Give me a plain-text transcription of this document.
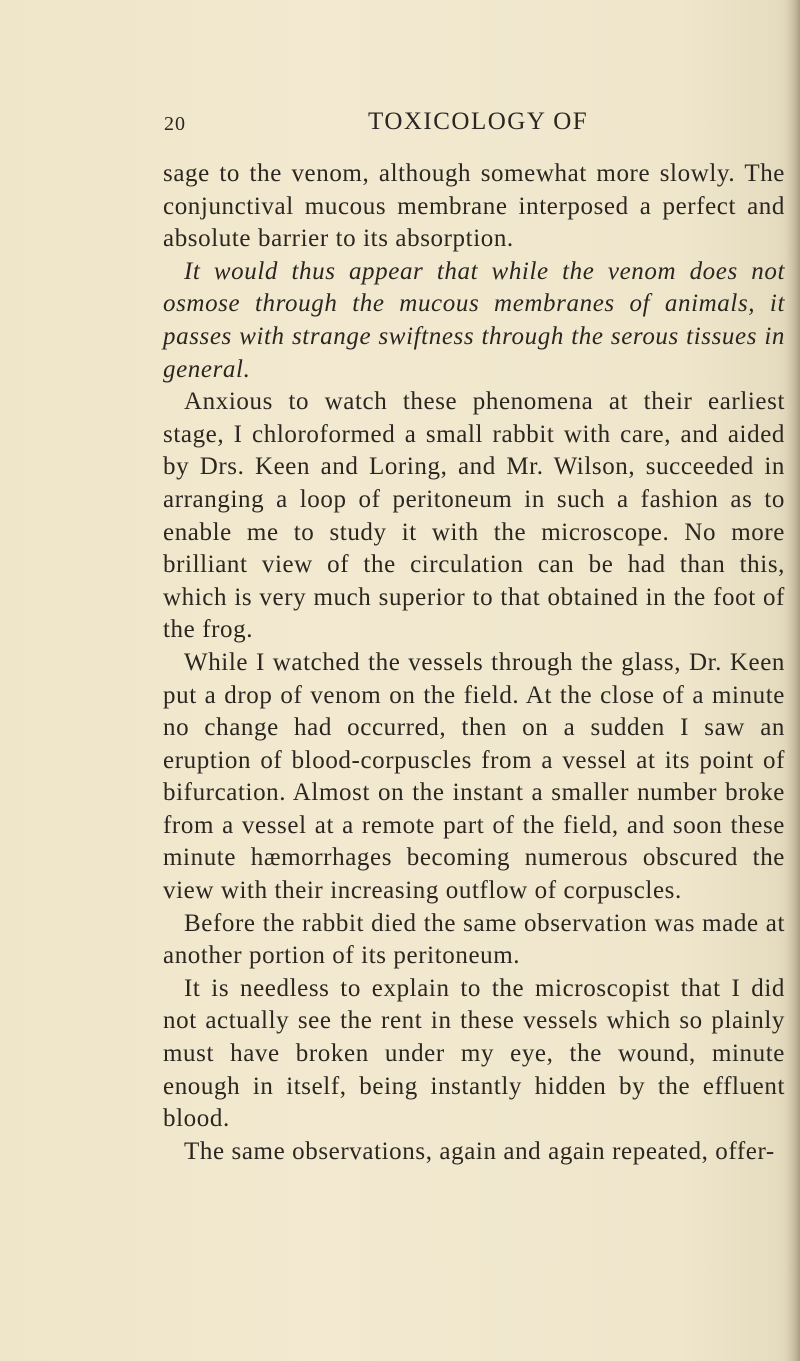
20	TOXICOLOGY OF

sage to the venom, although somewhat more slowly. The conjunctival mucous membrane interposed a perfect and absolute barrier to its absorption.

It would thus appear that while the venom does not osmose through the mucous membranes of animals, it passes with strange swiftness through the serous tissues in general.

Anxious to watch these phenomena at their earliest stage, I chloroformed a small rabbit with care, and aided by Drs. Keen and Loring, and Mr. Wilson, succeeded in arranging a loop of peritoneum in such a fashion as to enable me to study it with the microscope. No more brilliant view of the circulation can be had than this, which is very much superior to that obtained in the foot of the frog.

While I watched the vessels through the glass, Dr. Keen put a drop of venom on the field. At the close of a minute no change had occurred, then on a sudden I saw an eruption of blood-corpuscles from a vessel at its point of bifurcation. Almost on the instant a smaller number broke from a vessel at a remote part of the field, and soon these minute hæmorrhages becoming numerous obscured the view with their increasing outflow of corpuscles.

Before the rabbit died the same observation was made at another portion of its peritoneum.

It is needless to explain to the microscopist that I did not actually see the rent in these vessels which so plainly must have broken under my eye, the wound, minute enough in itself, being instantly hidden by the effluent blood.

The same observations, again and again repeated, offer-
